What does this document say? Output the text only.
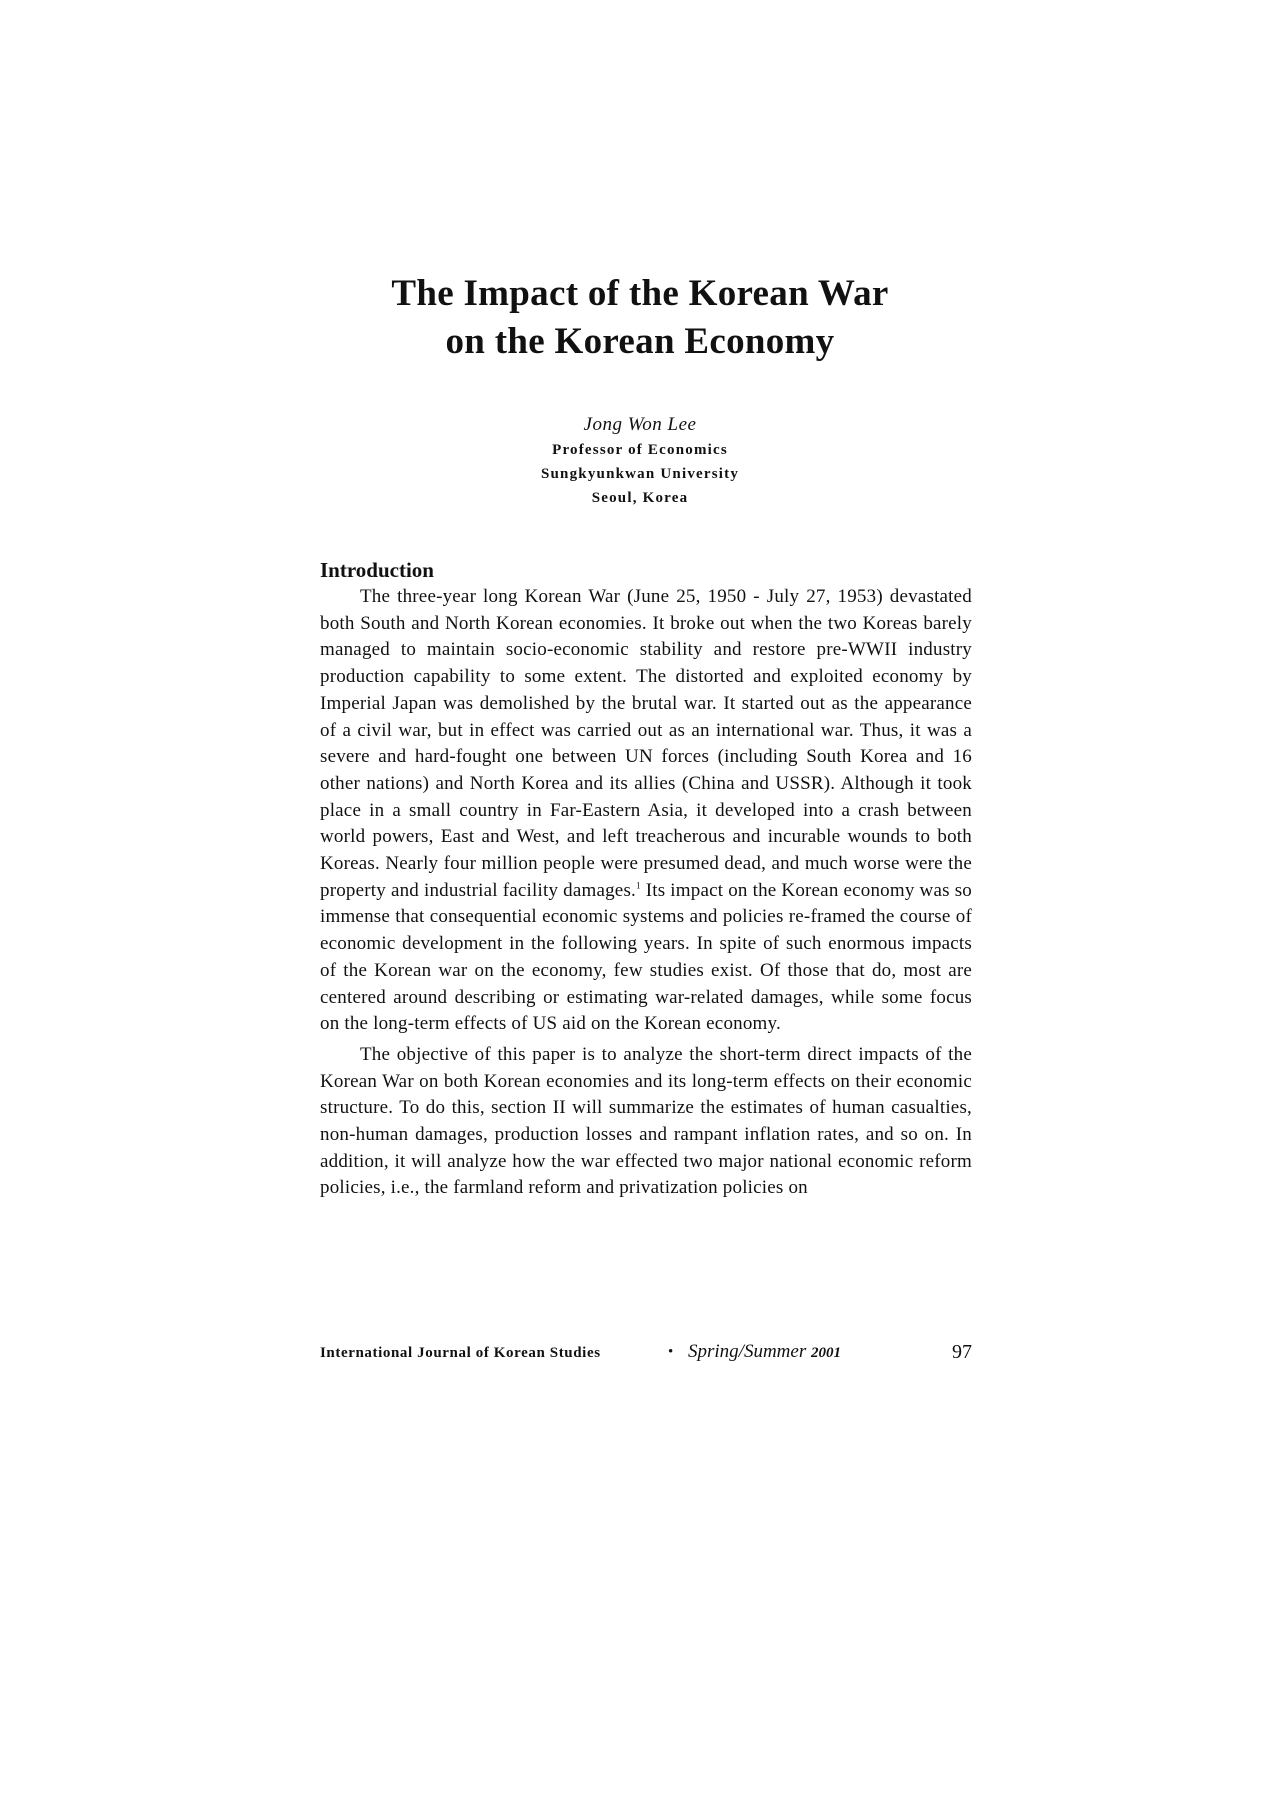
The Impact of the Korean War
on the Korean Economy
Jong Won Lee
Professor of Economics
Sungkyunkwan University
Seoul, Korea
Introduction

The three-year long Korean War (June 25, 1950 - July 27, 1953) devastated both South and North Korean economies. It broke out when the two Koreas barely managed to maintain socio-economic stability and restore pre-WWII industry production capability to some extent. The distorted and exploited economy by Imperial Japan was demolished by the brutal war. It started out as the appearance of a civil war, but in effect was carried out as an international war. Thus, it was a severe and hard-fought one between UN forces (including South Korea and 16 other nations) and North Korea and its allies (China and USSR). Although it took place in a small country in Far-Eastern Asia, it developed into a crash between world powers, East and West, and left treacherous and incurable wounds to both Koreas. Nearly four million people were presumed dead, and much worse were the property and industrial facility damages.$^1$ Its impact on the Korean economy was so immense that consequential economic systems and policies re-framed the course of economic development in the following years. In spite of such enormous impacts of the Korean war on the economy, few studies exist. Of those that do, most are centered around describing or estimating war-related damages, while some focus on the long-term effects of US aid on the Korean economy.

The objective of this paper is to analyze the short-term direct impacts of the Korean War on both Korean economies and its long-term effects on their economic structure. To do this, section II will summarize the estimates of human casualties, non-human damages, production losses and rampant inflation rates, and so on. In addition, it will analyze how the war effected two major national economic reform policies, i.e., the farmland reform and privatization policies on

International Journal of Korean Studies	• Spring/Summer 2001	97
